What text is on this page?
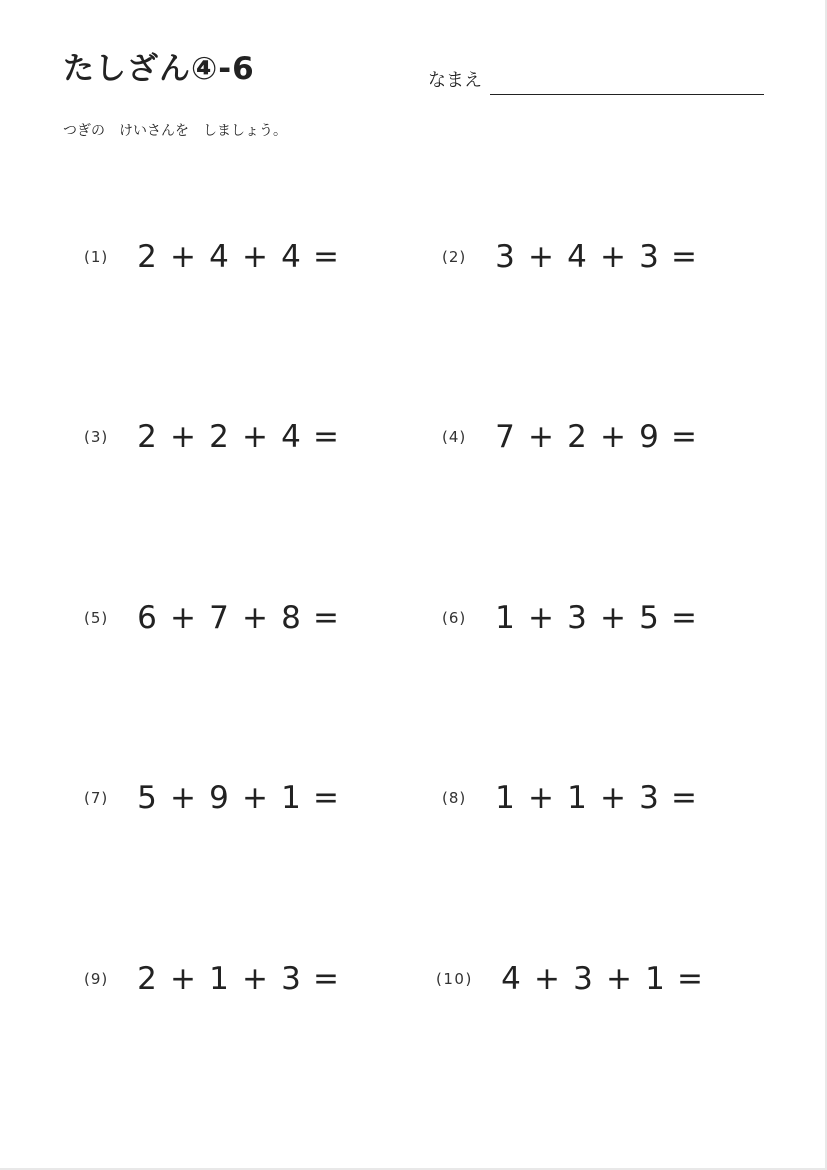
たしざん④-6	なまえ
つぎの　けいさんを　しましょう。
(1) 2 + 4 + 4 =	(2) 3 + 4 + 3 =
(3) 2 + 2 + 4 =	(4) 7 + 2 + 9 =
(5) 6 + 7 + 8 =	(6) 1 + 3 + 5 =
(7) 5 + 9 + 1 =	(8) 1 + 1 + 3 =
(9) 2 + 1 + 3 =	(10) 4 + 3 + 1 =
